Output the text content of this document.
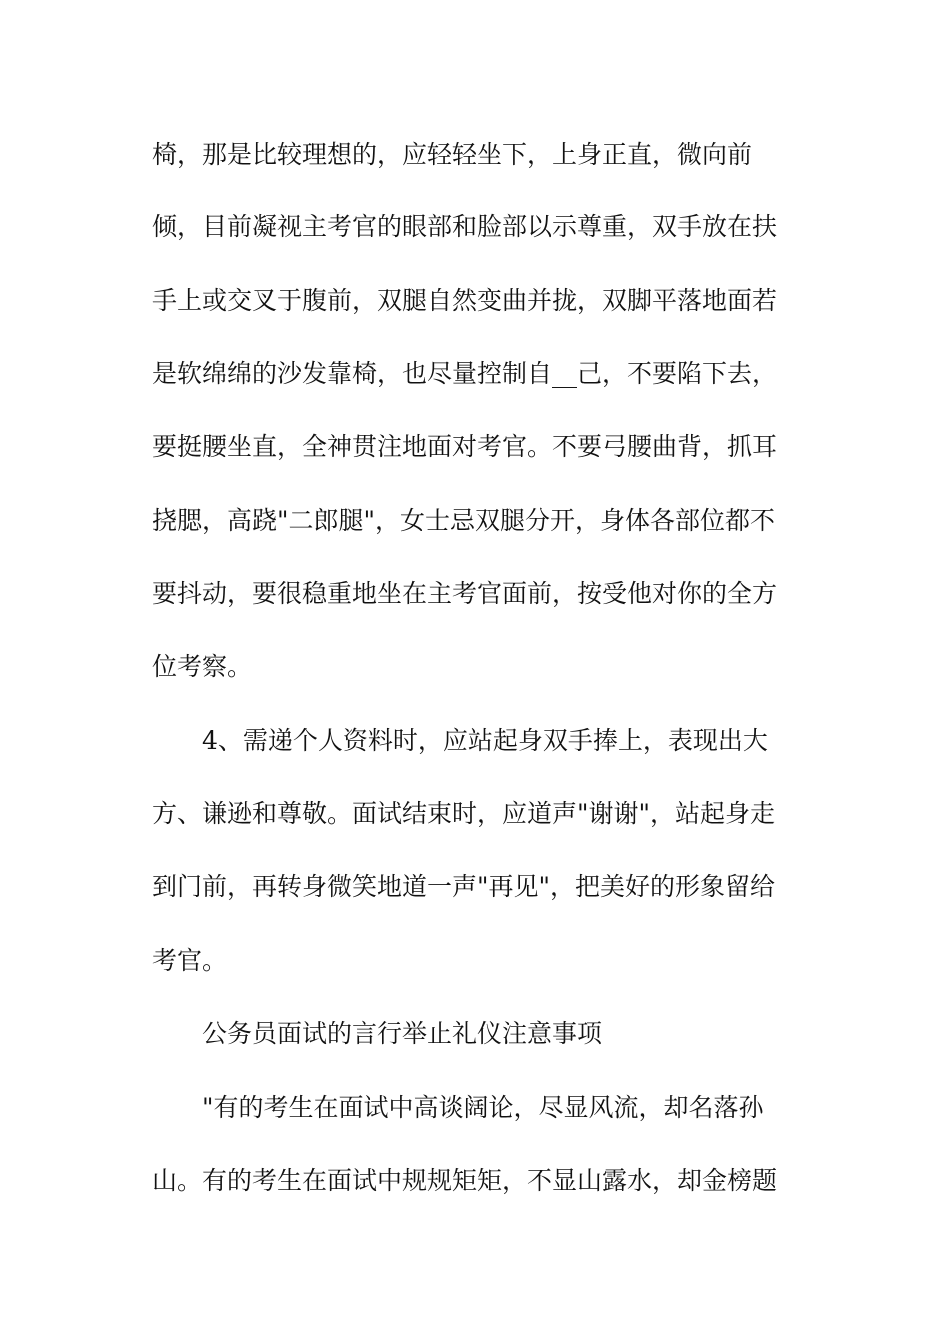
椅，那是比较理想的，应轻轻坐下，上身正直，微向前

倾，目前凝视主考官的眼部和脸部以示尊重，双手放在扶

手上或交叉于腹前，双腿自然变曲并拢，双脚平落地面若

是软绵绵的沙发靠椅，也尽量控制自__己，不要陷下去，

要挺腰坐直，全神贯注地面对考官。不要弓腰曲背，抓耳

挠腮，高跷"二郎腿"，女士忌双腿分开，身体各部位都不

要抖动，要很稳重地坐在主考官面前，按受他对你的全方

位考察。

4、需递个人资料时，应站起身双手捧上，表现出大

方、谦逊和尊敬。面试结束时，应道声"谢谢"，站起身走

到门前，再转身微笑地道一声"再见"，把美好的形象留给

考官。

公务员面试的言行举止礼仪注意事项

"有的考生在面试中高谈阔论，尽显风流，却名落孙

山。有的考生在面试中规规矩矩，不显山露水，却金榜题
